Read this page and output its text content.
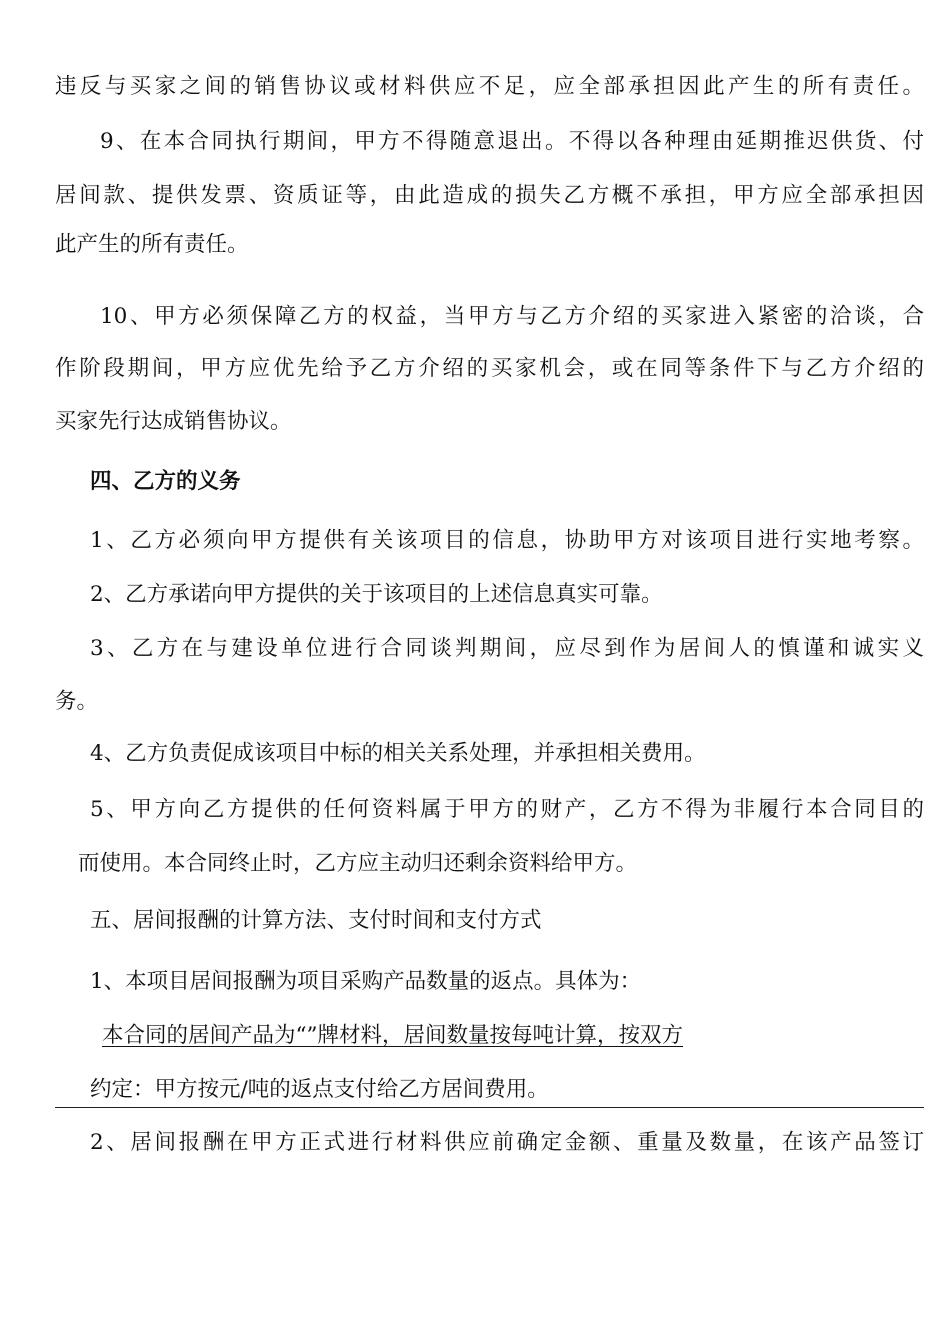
违反与买家之间的销售协议或材料供应不足，应全部承担因此产生的所有责任。
9、在本合同执行期间，甲方不得随意退出。不得以各种理由延期推迟供货、付
居间款、提供发票、资质证等，由此造成的损失乙方概不承担，甲方应全部承担因
此产生的所有责任。
10、甲方必须保障乙方的权益，当甲方与乙方介绍的买家进入紧密的洽谈，合
作阶段期间，甲方应优先给予乙方介绍的买家机会，或在同等条件下与乙方介绍的
买家先行达成销售协议。
四、乙方的义务
1、乙方必须向甲方提供有关该项目的信息，协助甲方对该项目进行实地考察。
2、乙方承诺向甲方提供的关于该项目的上述信息真实可靠。
3、乙方在与建设单位进行合同谈判期间，应尽到作为居间人的慎谨和诚实义
务。
4、乙方负责促成该项目中标的相关关系处理，并承担相关费用。
5、甲方向乙方提供的任何资料属于甲方的财产，乙方不得为非履行本合同目的
而使用。本合同终止时，乙方应主动归还剩余资料给甲方。
五、居间报酬的计算方法、支付时间和支付方式
1、本项目居间报酬为项目采购产品数量的返点。具体为：
本合同的居间产品为“”牌材料，居间数量按每吨计算，按双方
约定：甲方按元/吨的返点支付给乙方居间费用。
2、居间报酬在甲方正式进行材料供应前确定金额、重量及数量，在该产品签订
